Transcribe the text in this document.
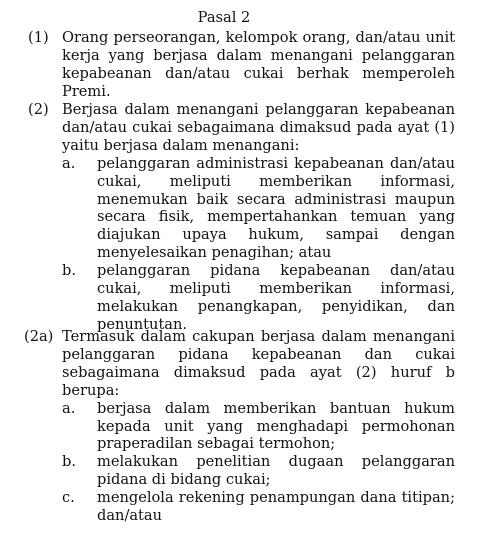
Pasal 2
(1) Orang perseorangan, kelompok orang, dan/atau unit kerja yang berjasa dalam menangani pelanggaran kepabeanan dan/atau cukai berhak memperoleh Premi.
(2) Berjasa dalam menangani pelanggaran kepabeanan dan/atau cukai sebagaimana dimaksud pada ayat (1) yaitu berjasa dalam menangani:
a. pelanggaran administrasi kepabeanan dan/atau cukai, meliputi memberikan informasi, menemukan baik secara administrasi maupun secara fisik, mempertahankan temuan yang diajukan upaya hukum, sampai dengan menyelesaikan penagihan; atau
b. pelanggaran pidana kepabeanan dan/atau cukai, meliputi memberikan informasi, melakukan penangkapan, penyidikan, dan penuntutan.
(2a) Termasuk dalam cakupan berjasa dalam menangani pelanggaran pidana kepabeanan dan cukai sebagaimana dimaksud pada ayat (2) huruf b berupa:
a. berjasa dalam memberikan bantuan hukum kepada unit yang menghadapi permohonan praperadilan sebagai termohon;
b. melakukan penelitian dugaan pelanggaran pidana di bidang cukai;
c. mengelola rekening penampungan dana titipan; dan/atau
